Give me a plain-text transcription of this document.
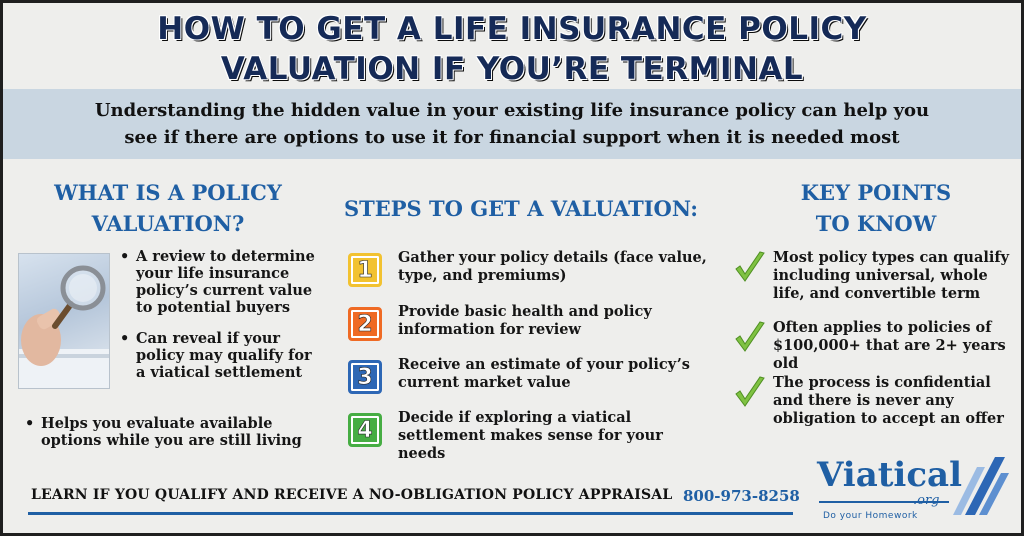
HOW TO GET A LIFE INSURANCE POLICY
VALUATION IF YOU’RE TERMINAL
Understanding the hidden value in your existing life insurance policy can help you
see if there are options to use it for financial support when it is needed most
WHAT IS A POLICY
VALUATION?
• A review to determine your life insurance policy’s current value to potential buyers
• Can reveal if your policy may qualify for a viatical settlement
• Helps you evaluate available options while you are still living
STEPS TO GET A VALUATION:
1	Gather your policy details (face value, type, and premiums)
2	Provide basic health and policy information for review
3	Receive an estimate of your policy’s current market value
4	Decide if exploring a viatical settlement makes sense for your needs
KEY POINTS
TO KNOW
Most policy types can qualify including universal, whole life, and convertible term
Often applies to policies of $100,000+ that are 2+ years old
The process is confidential and there is never any obligation to accept an offer
LEARN IF YOU QUALIFY AND RECEIVE A NO-OBLIGATION POLICY APPRAISAL 800-973-8258
Viatical
.org
Do your Homework
